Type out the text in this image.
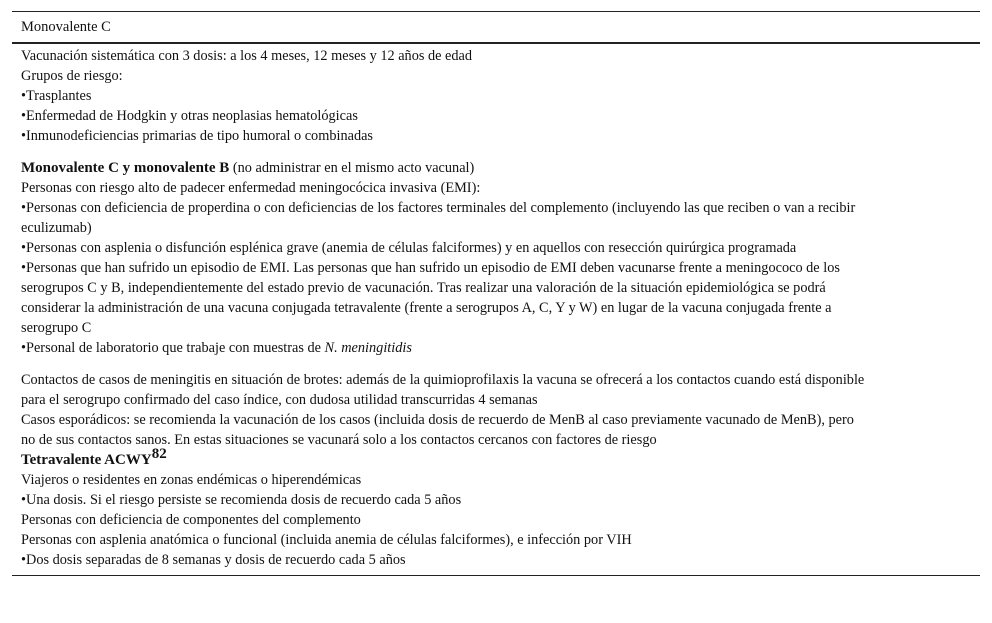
Monovalente C
Vacunación sistemática con 3 dosis: a los 4 meses, 12 meses y 12 años de edad
Grupos de riesgo:
•Trasplantes
•Enfermedad de Hodgkin y otras neoplasias hematológicas
•Inmunodeficiencias primarias de tipo humoral o combinadas
Monovalente C y monovalente B (no administrar en el mismo acto vacunal)
Personas con riesgo alto de padecer enfermedad meningocócica invasiva (EMI):
•Personas con deficiencia de properdina o con deficiencias de los factores terminales del complemento (incluyendo las que reciben o van a recibir
eculizumab)
•Personas con asplenia o disfunción esplénica grave (anemia de células falciformes) y en aquellos con resección quirúrgica programada
•Personas que han sufrido un episodio de EMI. Las personas que han sufrido un episodio de EMI deben vacunarse frente a meningococo de los
serogrupos C y B, independientemente del estado previo de vacunación. Tras realizar una valoración de la situación epidemiológica se podrá
considerar la administración de una vacuna conjugada tetravalente (frente a serogrupos A, C, Y y W) en lugar de la vacuna conjugada frente a
serogrupo C
•Personal de laboratorio que trabaje con muestras de N. meningitidis
Contactos de casos de meningitis en situación de brotes: además de la quimioprofilaxis la vacuna se ofrecerá a los contactos cuando está disponible
para el serogrupo confirmado del caso índice, con dudosa utilidad transcurridas 4 semanas
Casos esporádicos: se recomienda la vacunación de los casos (incluida dosis de recuerdo de MenB al caso previamente vacunado de MenB), pero
no de sus contactos sanos. En estas situaciones se vacunará solo a los contactos cercanos con factores de riesgo
Tetravalente ACWY$^{82}$
Viajeros o residentes en zonas endémicas o hiperendémicas
•Una dosis. Si el riesgo persiste se recomienda dosis de recuerdo cada 5 años
Personas con deficiencia de componentes del complemento
Personas con asplenia anatómica o funcional (incluida anemia de células falciformes), e infección por VIH
•Dos dosis separadas de 8 semanas y dosis de recuerdo cada 5 años
